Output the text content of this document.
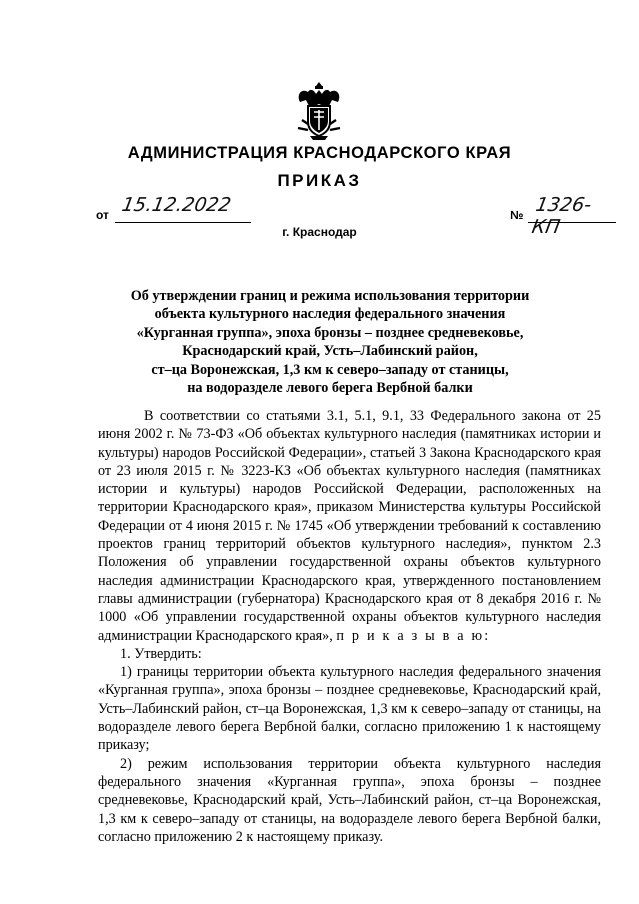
АДМИНИСТРАЦИЯ КРАСНОДАРСКОГО КРАЯ
ПРИКАЗ
от 15.12.2022	№ 1326-КП
г. Краснодар
Об утверждении границ и режима использования территории
объекта культурного наследия федерального значения
«Курганная группа», эпоха бронзы – позднее средневековье,
Краснодарский край, Усть–Лабинский район,
ст–ца Воронежская, 1,3 км к северо–западу от станицы,
на водоразделе левого берега Вербной балки

В соответствии со статьями 3.1, 5.1, 9.1, 33 Федерального закона от 25 июня 2002 г. № 73-ФЗ «Об объектах культурного наследия (памятниках истории и культуры) народов Российской Федерации», статьей 3 Закона Краснодарского края от 23 июля 2015 г. № 3223-КЗ «Об объектах культурного наследия (памятниках истории и культуры) народов Российской Федерации, расположенных на территории Краснодарского края», приказом Министерства культуры Российской Федерации от 4 июня 2015 г. № 1745 «Об утверждении требований к составлению проектов границ территорий объектов культурного наследия», пунктом 2.3 Положения об управлении государственной охраны объектов культурного наследия администрации Краснодарского края, утвержденного постановлением главы администрации (губернатора) Краснодарского края от 8 декабря 2016 г. № 1000 «Об управлении государственной охраны объектов культурного наследия администрации Краснодарского края», п р и к а з ы в а ю:

1. Утвердить:

1) границы территории объекта культурного наследия федерального значения «Курганная группа», эпоха бронзы – позднее средневековье, Краснодарский край, Усть–Лабинский район, ст–ца Воронежская, 1,3 км к северо–западу от станицы, на водоразделе левого берега Вербной балки, согласно приложению 1 к настоящему приказу;

2) режим использования территории объекта культурного наследия федерального значения «Курганная группа», эпоха бронзы – позднее средневековье, Краснодарский край, Усть–Лабинский район, ст–ца Воронежская, 1,3 км к северо–западу от станицы, на водоразделе левого берега Вербной балки, согласно приложению 2 к настоящему приказу.
